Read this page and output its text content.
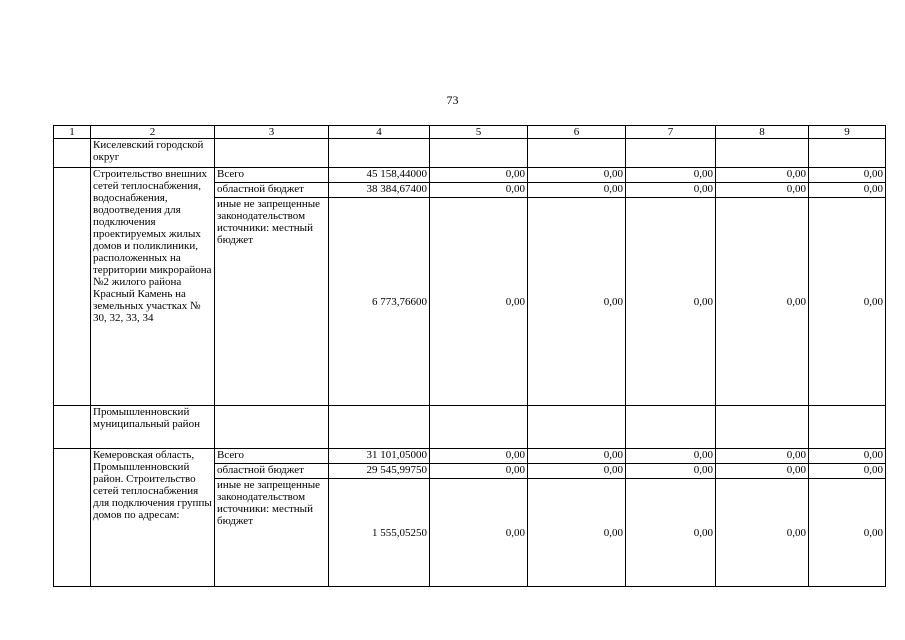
73
1	2	3	4	5	6	7	8	9
	Киселевский городской округ							
	Строительство внешних сетей теплоснабжения, водоснабжения, водоотведения для подключения проектируемых жилых домов и поликлиники, расположенных на территории микрорайона №2 жилого района Красный Камень на земельных участках № 30, 32, 33, 34	Всего	45 158,44000	0,00	0,00	0,00	0,00	0,00
		областной бюджет	38 384,67400	0,00	0,00	0,00	0,00	0,00
		иные не запрещенные законодательством источники: местный бюджет	6 773,76600	0,00	0,00	0,00	0,00	0,00
	Промышленновский муниципальный район							
	Кемеровская область, Промышленновский район. Строительство сетей теплоснабжения для подключения группы домов по адресам:	Всего	31 101,05000	0,00	0,00	0,00	0,00	0,00
		областной бюджет	29 545,99750	0,00	0,00	0,00	0,00	0,00
		иные не запрещенные законодательством источники: местный бюджет	1 555,05250	0,00	0,00	0,00	0,00	0,00
